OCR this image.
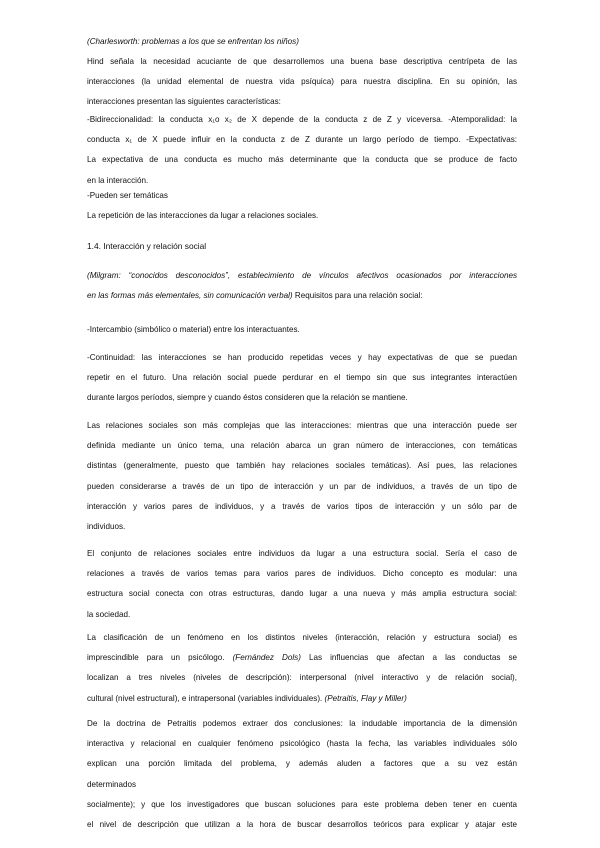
(Charlesworth: problemas a los que se enfrentan los niños)
Hind señala la necesidad acuciante de que desarrollemos una buena base descriptiva centrípeta de las
interacciones (la unidad elemental de nuestra vida psíquica) para nuestra disciplina. En su opinión, las
interacciones presentan las siguientes características:
-Bidireccionalidad: la conducta x₁o x₂ de X depende de la conducta z de Z y viceversa. -Atemporalidad: la
conducta x₁ de X puede influir en la conducta z de Z durante un largo período de tiempo. -Expectativas:
La expectativa de una conducta es mucho más determinante que la conducta que se produce de facto
en la interacción.
-Pueden ser temáticas
La repetición de las interacciones da lugar a relaciones sociales.
1.4. Interacción y relación social
(Milgram: “conocidos desconocidos”, establecimiento de vínculos afectivos ocasionados por interacciones
en las formas más elementales, sin comunicación verbal) Requisitos para una relación social:
-Intercambio (simbólico o material) entre los interactuantes.
-Continuidad: las interacciones se han producido repetidas veces y hay expectativas de que se puedan
repetir en el futuro. Una relación social puede perdurar en el tiempo sin que sus integrantes interactúen
durante largos períodos, siempre y cuando éstos consideren que la relación se mantiene.
Las relaciones sociales son más complejas que las interacciones: mientras que una interacción puede ser
definida mediante un único tema, una relación abarca un gran número de interacciones, con temáticas
distintas (generalmente, puesto que también hay relaciones sociales temáticas). Así pues, las relaciones
pueden considerarse a través de un tipo de interacción y un par de individuos, a través de un tipo de
interacción y varios pares de individuos, y a través de varios tipos de interacción y un sólo par de
individuos.
El conjunto de relaciones sociales entre individuos da lugar a una estructura social. Sería el caso de
relaciones a través de varios temas para varios pares de individuos. Dicho concepto es modular: una
estructura social conecta con otras estructuras, dando lugar a una nueva y más amplia estructura social:
la sociedad.
La clasificación de un fenómeno en los distintos niveles (interacción, relación y estructura social) es
imprescindible para un psicólogo. (Fernández Dols) Las influencias que afectan a las conductas se
localizan a tres niveles (niveles de descripción): interpersonal (nivel interactivo y de relación social),
cultural (nivel estructural), e intrapersonal (variables individuales). (Petraitis, Flay y Miller)
De la doctrina de Petraitis podemos extraer dos conclusiones: la indudable importancia de la dimensión
interactiva y relacional en cualquier fenómeno psicológico (hasta la fecha, las variables individuales sólo
explican una porción limitada del problema, y además aluden a factores que a su vez están
determinados
socialmente); y que los investigadores que buscan soluciones para este problema deben tener en cuenta
el nivel de descripción que utilizan a la hora de buscar desarrollos teóricos para explicar y atajar este
